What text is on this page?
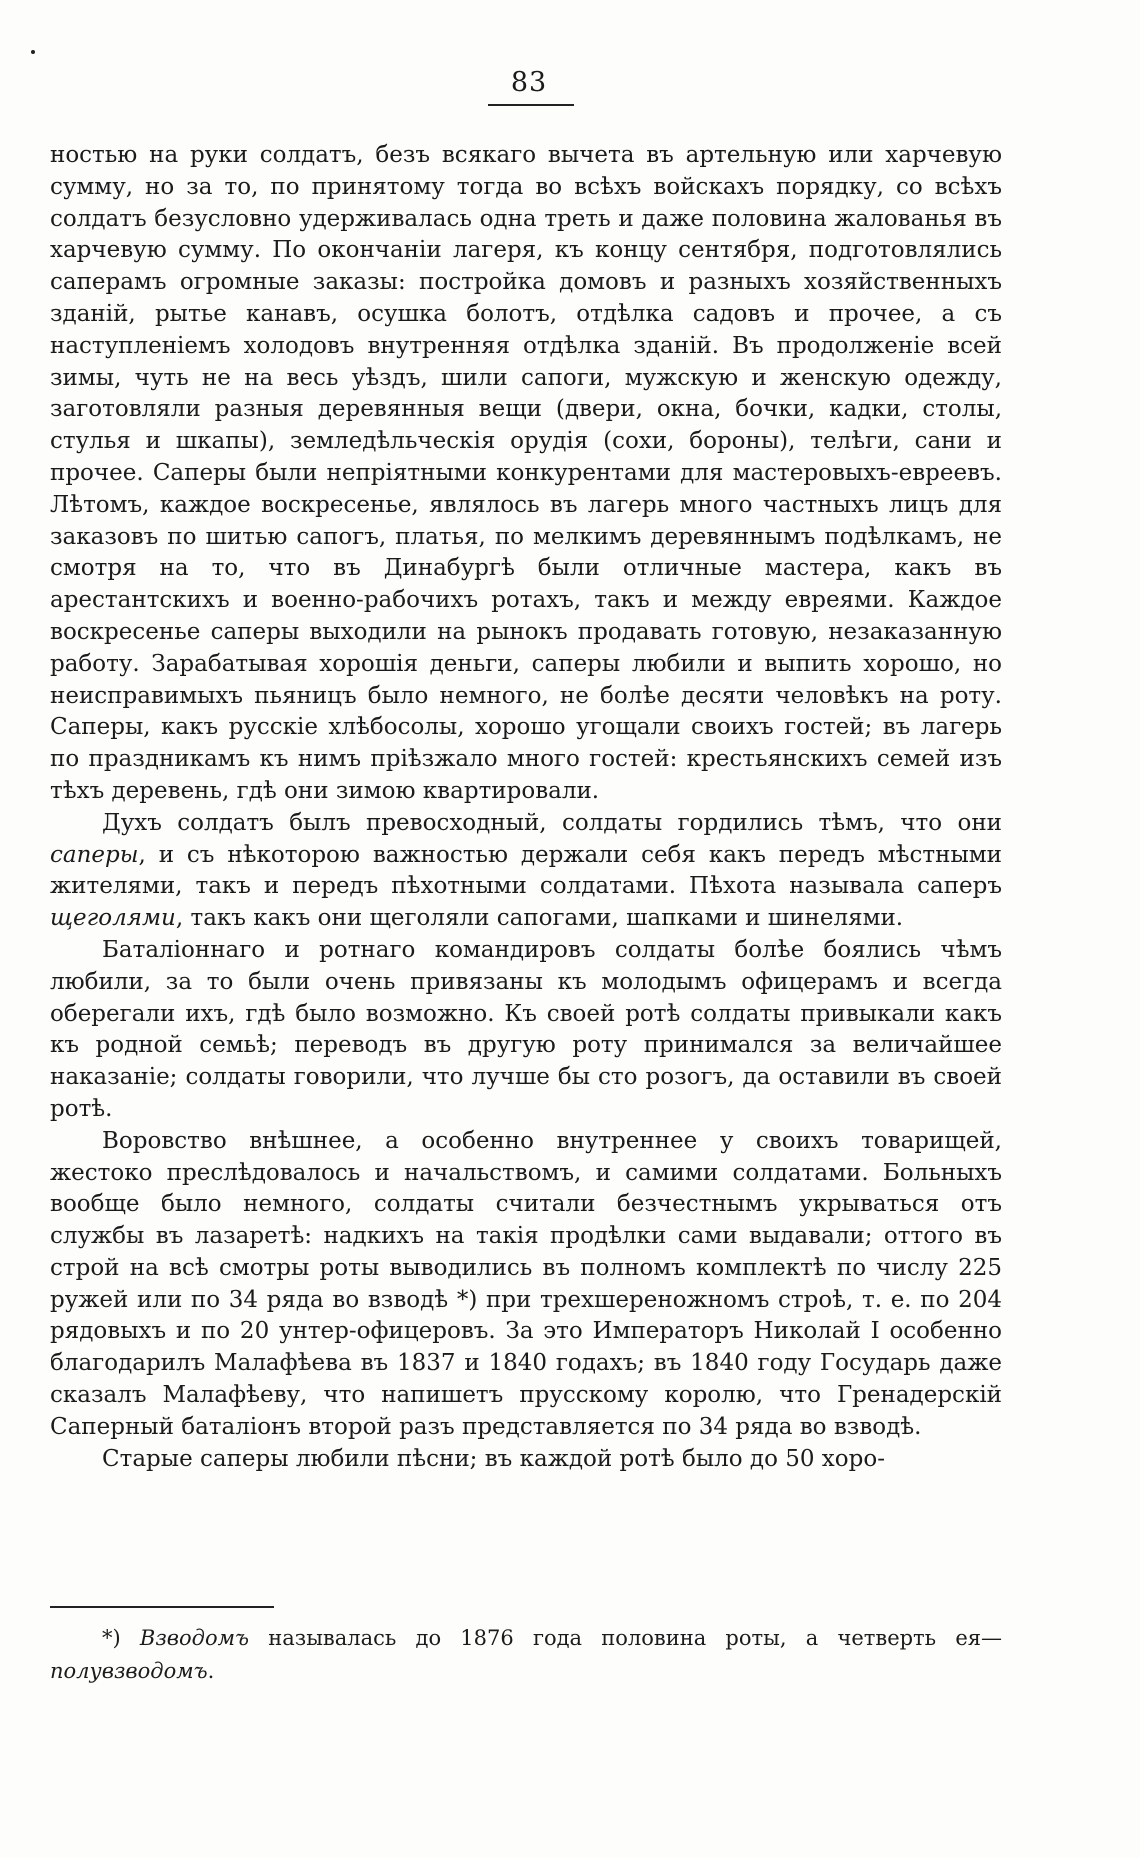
83

ностью на руки солдатъ, безъ всякаго вычета въ артельную или харчевую сумму, но за то, по принятому тогда во всѣхъ войскахъ порядку, со всѣхъ солдатъ безусловно удерживалась одна треть и даже половина жалованья въ харчевую сумму. По окончаніи лагеря, къ концу сентября, подготовлялись саперамъ огромные заказы: постройка домовъ и разныхъ хозяйственныхъ зданій, рытье канавъ, осушка болотъ, отдѣлка садовъ и прочее, а съ наступленіемъ холодовъ внутренняя отдѣлка зданій. Въ продолженіе всей зимы, чуть не на весь уѣздъ, шили сапоги, мужскую и женскую одежду, заготовляли разныя деревянныя вещи (двери, окна, бочки, кадки, столы, стулья и шкапы), земледѣльческія орудія (сохи, бороны), телѣги, сани и прочее. Саперы были непріятными конкурентами для мастеровыхъ-евреевъ. Лѣтомъ, каждое воскресенье, являлось въ лагерь много частныхъ лицъ для заказовъ по шитью сапогъ, платья, по мелкимъ деревяннымъ подѣлкамъ, не смотря на то, что въ Динабургѣ были отличные мастера, какъ въ арестантскихъ и военно-рабочихъ ротахъ, такъ и между евреями. Каждое воскресенье саперы выходили на рынокъ продавать готовую, незаказанную работу. Зарабатывая хорошія деньги, саперы любили и выпить хорошо, но неисправимыхъ пьяницъ было немного, не болѣе десяти человѣкъ на роту. Саперы, какъ русскіе хлѣбосолы, хорошо угощали своихъ гостей; въ лагерь по праздникамъ къ нимъ пріѣзжало много гостей: крестьянскихъ семей изъ тѣхъ деревень, гдѣ они зимою квартировали.

Духъ солдатъ былъ превосходный, солдаты гордились тѣмъ, что они саперы, и съ нѣкоторою важностью держали себя какъ передъ мѣстными жителями, такъ и передъ пѣхотными солдатами. Пѣхота называла саперъ щеголями, такъ какъ они щеголяли сапогами, шапками и шинелями.

Баталіоннаго и ротнаго командировъ солдаты болѣе боялись чѣмъ любили, за то были очень привязаны къ молодымъ офицерамъ и всегда оберегали ихъ, гдѣ было возможно. Къ своей ротѣ солдаты привыкали какъ къ родной семьѣ; переводъ въ другую роту принимался за величайшее наказаніе; солдаты говорили, что лучше бы сто розогъ, да оставили въ своей ротѣ.

Воровство внѣшнее, а особенно внутреннее у своихъ товарищей, жестоко преслѣдовалось и начальствомъ, и самими солдатами. Больныхъ вообще было немного, солдаты считали безчестнымъ укрываться отъ службы въ лазаретѣ: надкихъ на такія продѣлки сами выдавали; оттого въ строй на всѣ смотры роты выводились въ полномъ комплектѣ по числу 225 ружей или по 34 ряда во взводѣ *) при трехшереножномъ строѣ, т. е. по 204 рядовыхъ и по 20 унтер-офицеровъ. За это Императоръ Николай I особенно благодарилъ Малафѣева въ 1837 и 1840 годахъ; въ 1840 году Государь даже сказалъ Малафѣеву, что напишетъ прусскому королю, что Гренадерскій Саперный баталіонъ второй разъ представляется по 34 ряда во взводѣ.

Старые саперы любили пѣсни; въ каждой ротѣ было до 50 хоро-

*) Взводомъ называлась до 1876 года половина роты, а четверть ея—полувзводомъ.
